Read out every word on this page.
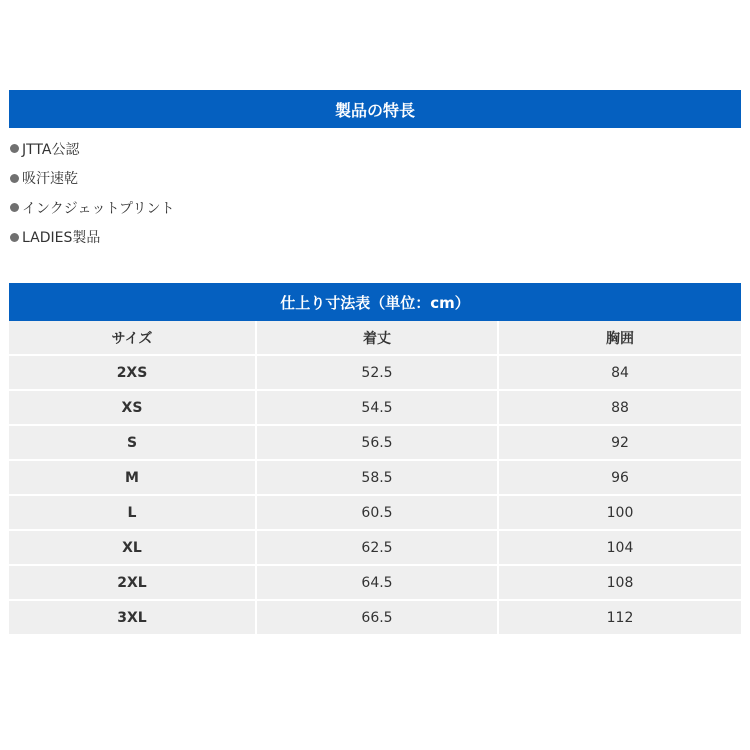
製品の特長
JTTA公認
吸汗速乾
インクジェットプリント
LADIES製品
仕上り寸法表（単位：cm）
サイズ	着丈	胸囲
2XS	52.5	84
XS	54.5	88
S	56.5	92
M	58.5	96
L	60.5	100
XL	62.5	104
2XL	64.5	108
3XL	66.5	112
